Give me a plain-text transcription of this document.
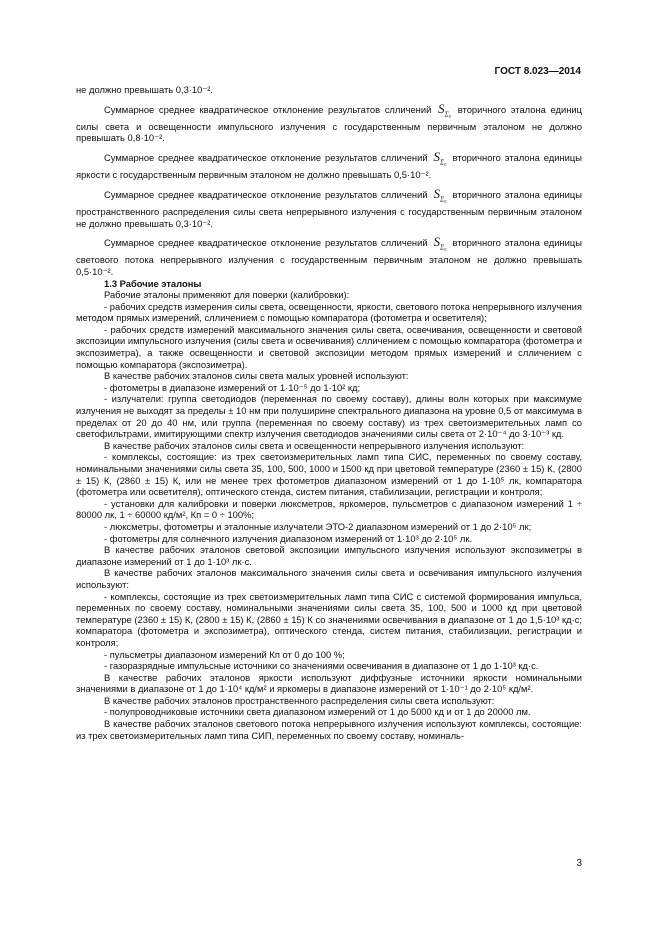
ГОСТ 8.023—2014

не должно превышать 0,3·10⁻².

Суммарное среднее квадратическое отклонение результатов слличений $S_{\Sigma_0}$ вторичного эталона единиц силы света и освещенности импульсного излучения с государственным первичным эталоном не должно превышать 0,8·10⁻².

Суммарное среднее квадратическое отклонение результатов слличений $S_{\Sigma_0}$ вторичного эталона единицы яркости с государственным первичным эталоном не должно превышать 0,5·10⁻².

Суммарное среднее квадратическое отклонение результатов слличений $S_{\Sigma_0}$ вторичного эталона единицы пространственного распределения силы света непрерывного излучения с государственным первичным эталоном не должно превышать 0,3·10⁻².

Суммарное среднее квадратическое отклонение результатов слличений $S_{\Sigma_0}$ вторичного эталона единицы светового потока непрерывного излучения с государственным первичным эталоном не должно превышать 0,5·10⁻².

1.3 Рабочие эталоны

Рабочие эталоны применяют для поверки (калибровки):

- рабочих средств измерения силы света, освещенности, яркости, светового потока непрерывного излучения методом прямых измерений, слличением с помощью компаратора (фотометра и осветителя);

- рабочих средств измерений максимального значения силы света, освечивания, освещенности и световой экспозиции импульсного излучения (силы света и освечивания) слличением с помощью компаратора (фотометра и экспозиметра), а также освещенности и световой экспозиции методом прямых измерений и слличением с помощью компаратора (экспозиметра).

В качестве рабочих эталонов силы света малых уровней используют:

- фотометры в диапазоне измерений от 1·10⁻⁵ до 1·10² кд;

- излучатели: группа светодиодов (переменная по своему составу), длины волн которых при максимуме излучения не выходят за пределы ± 10 нм при полуширине спектрального диапазона на уровне 0,5 от максимума в пределах от 20 до 40 нм, или группа (переменная по своему составу) из трех светоизмерительных ламп со светофильтрами, имитирующими спектр излучения светодиодов значениями силы света от 2·10⁻⁴ до 3·10⁻³ кд.

В качестве рабочих эталонов силы света и освещенности непрерывного излучения используют:

- комплексы, состоящие: из трех светоизмерительных ламп типа СИС, переменных по своему составу, номинальными значениями силы света 35, 100, 500, 1000 и 1500 кд при цветовой температуре (2360 ± 15) К, (2800 ± 15) К, (2860 ± 15) К, или не менее трех фотометров диапазоном измерений от 1 до 1·10⁵ лк, компаратора (фотометра или осветителя), оптического стенда, систем питания, стабилизации, регистрации и контроля;

- установки для калибровки и поверки люксметров, яркомеров, пульсметров с диапазоном измерений 1 ÷ 80000 лк, 1 ÷ 60000 кд/м², Кп = 0 ÷ 100%;

- люксметры, фотометры и эталонные излучатели ЭТО-2 диапазоном измерений от 1 до 2·10⁵ лк;

- фотометры для солнечного излучения диапазоном измерений от 1·10³ до 2·10⁵ лк.

В качестве рабочих эталонов световой экспозиции импульсного излучения используют экспозиметры в диапазоне измерений от 1 до 1·10³ лк·с.

В качестве рабочих эталонов максимального значения силы света и освечивания импульсного излучения используют:

- комплексы, состоящие из трех светоизмерительных ламп типа СИС с системой формирования импульса, переменных по своему составу, номинальными значениями силы света 35, 100, 500 и 1000 кд при цветовой температуре (2360 ± 15) К, (2800 ± 15) К, (2860 ± 15) К со значениями освечивания в диапазоне от 1 до 1,5·10³ кд·с; компаратора (фотометра и экспозиметра), оптического стенда, систем питания, стабилизации, регистрации и контроля;

- пульсметры диапазоном измерений Кп от 0 до 100 %;

- газоразрядные импульсные источники со значениями освечивания в диапазоне от 1 до 1·10³ кд·с.

В качестве рабочих эталонов яркости используют диффузные источники яркости номинальными значениями в диапазоне от 1 до 1·10⁴ кд/м² и яркомеры в диапазоне измерений от 1·10⁻¹ до 2·10⁵ кд/м².

В качестве рабочих эталонов пространственного распределения силы света используют:

- полупроводниковые источники света диапазоном измерений от 1 до 5000 кд и от 1 до 20000 лм.

В качестве рабочих эталонов светового потока непрерывного излучения используют комплексы, состоящие: из трех светоизмерительных ламп типа СИП, переменных по своему составу, номиналь-

3
